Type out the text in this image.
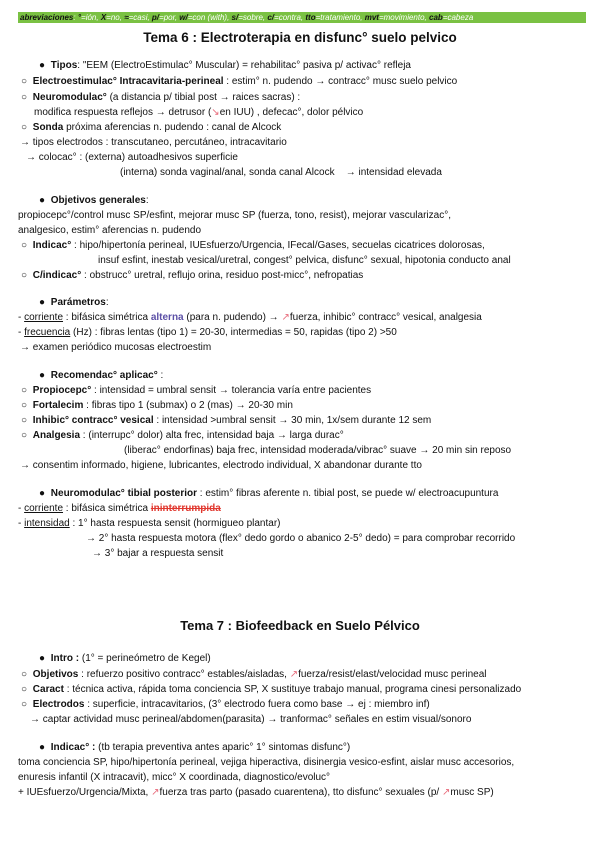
abreviaciones: °=ión, X=no, ≈=casi, p/=por, w/=con (with), s/=sobre, c/=contra, tto=tratamiento, mvt=movimiento, cab=cabeza
Tema 6 : Electroterapia en disfunc° suelo pelvico
● Tipos: "EEM (ElectroEstimulac° Muscular) = rehabilitac° pasiva p/ activac° refleja
○ Electroestimulac° Intracavitaria-perineal : estim° n. pudendo → contracc° musc suelo pelvico
○ Neuromodulac° (a distancia p/ tibial post → raices sacras) :
modifica respuesta reflejos → detrusor (↘en IUU) , defecac°, dolor pélvico
○ Sonda próxima aferencias n. pudendo : canal de Alcock
→ tipos electrodos : transcutaneo, percutáneo, intracavitario
→ colocac° : (externa) autoadhesivos superficie
(interna) sonda vaginal/anal, sonda canal Alcock → intensidad elevada
● Objetivos generales:
propiocepc°/control musc SP/esfint, mejorar musc SP (fuerza, tono, resist), mejorar vascularizac°,
analgesico, estim° aferencias n. pudendo
○ Indicac° : hipo/hipertonía perineal, IUEsfuerzo/Urgencia, IFecal/Gases, secuelas cicatrices dolorosas,
insuf esfint, inestab vesical/uretral, congest° pelvica, disfunc° sexual, hipotonia conducto anal
○ C/indicac° : obstrucc° uretral, reflujo orina, residuo post-micc°, nefropatias
● Parámetros:
- corriente : bifásica simétrica alterna (para n. pudendo) → ↗fuerza, inhibic° contracc° vesical, analgesia
- frecuencia (Hz) : fibras lentas (tipo 1) = 20-30, intermedias = 50, rapidas (tipo 2) >50
→ examen periódico mucosas electroestim
● Recomendac° aplicac° :
○ Propiocepc° : intensidad = umbral sensit → tolerancia varía entre pacientes
○ Fortalecim : fibras tipo 1 (submax) o 2 (mas) → 20-30 min
○ Inhibic° contracc° vesical : intensidad >umbral sensit → 30 min, 1x/sem durante 12 sem
○ Analgesia : (interrupc° dolor) alta frec, intensidad baja → larga durac°
(liberac° endorfinas) baja frec, intensidad moderada/vibrac° suave → 20 min sin reposo
→ consentim informado, higiene, lubricantes, electrodo individual, X abandonar durante tto
● Neuromodulac° tibial posterior : estim° fibras aferente n. tibial post, se puede w/ electroacupuntura
- corriente : bifásica simétrica ininterrumpida
- intensidad : 1° hasta respuesta sensit (hormigueo plantar)
→ 2° hasta respuesta motora (flex° dedo gordo o abanico 2-5° dedo) = para comprobar recorrido
→ 3° bajar a respuesta sensit
Tema 7 : Biofeedback en Suelo Pélvico
● Intro : (1° = perineómetro de Kegel)
○ Objetivos : refuerzo positivo contracc° estables/aisladas, ↗fuerza/resist/elast/velocidad musc perineal
○ Caract : técnica activa, rápida toma conciencia SP, X sustituye trabajo manual, programa cinesi personalizado
○ Electrodos : superficie, intracavitarios, (3° electrodo fuera como base → ej : miembro inf)
→ captar actividad musc perineal/abdomen(parasita) → tranformac° señales en estim visual/sonoro
● Indicac° : (tb terapia preventiva antes aparic° 1° sintomas disfunc°)
toma conciencia SP, hipo/hipertonía perineal, vejiga hiperactiva, disinergia vesico-esfint, aislar musc accesorios,
enuresis infantil (X intracavit), micc° X coordinada, diagnostico/evoluc°
+ IUEsfuerzo/Urgencia/Mixta, ↗fuerza tras parto (pasado cuarentena), tto disfunc° sexuales (p/ ↗musc SP)
